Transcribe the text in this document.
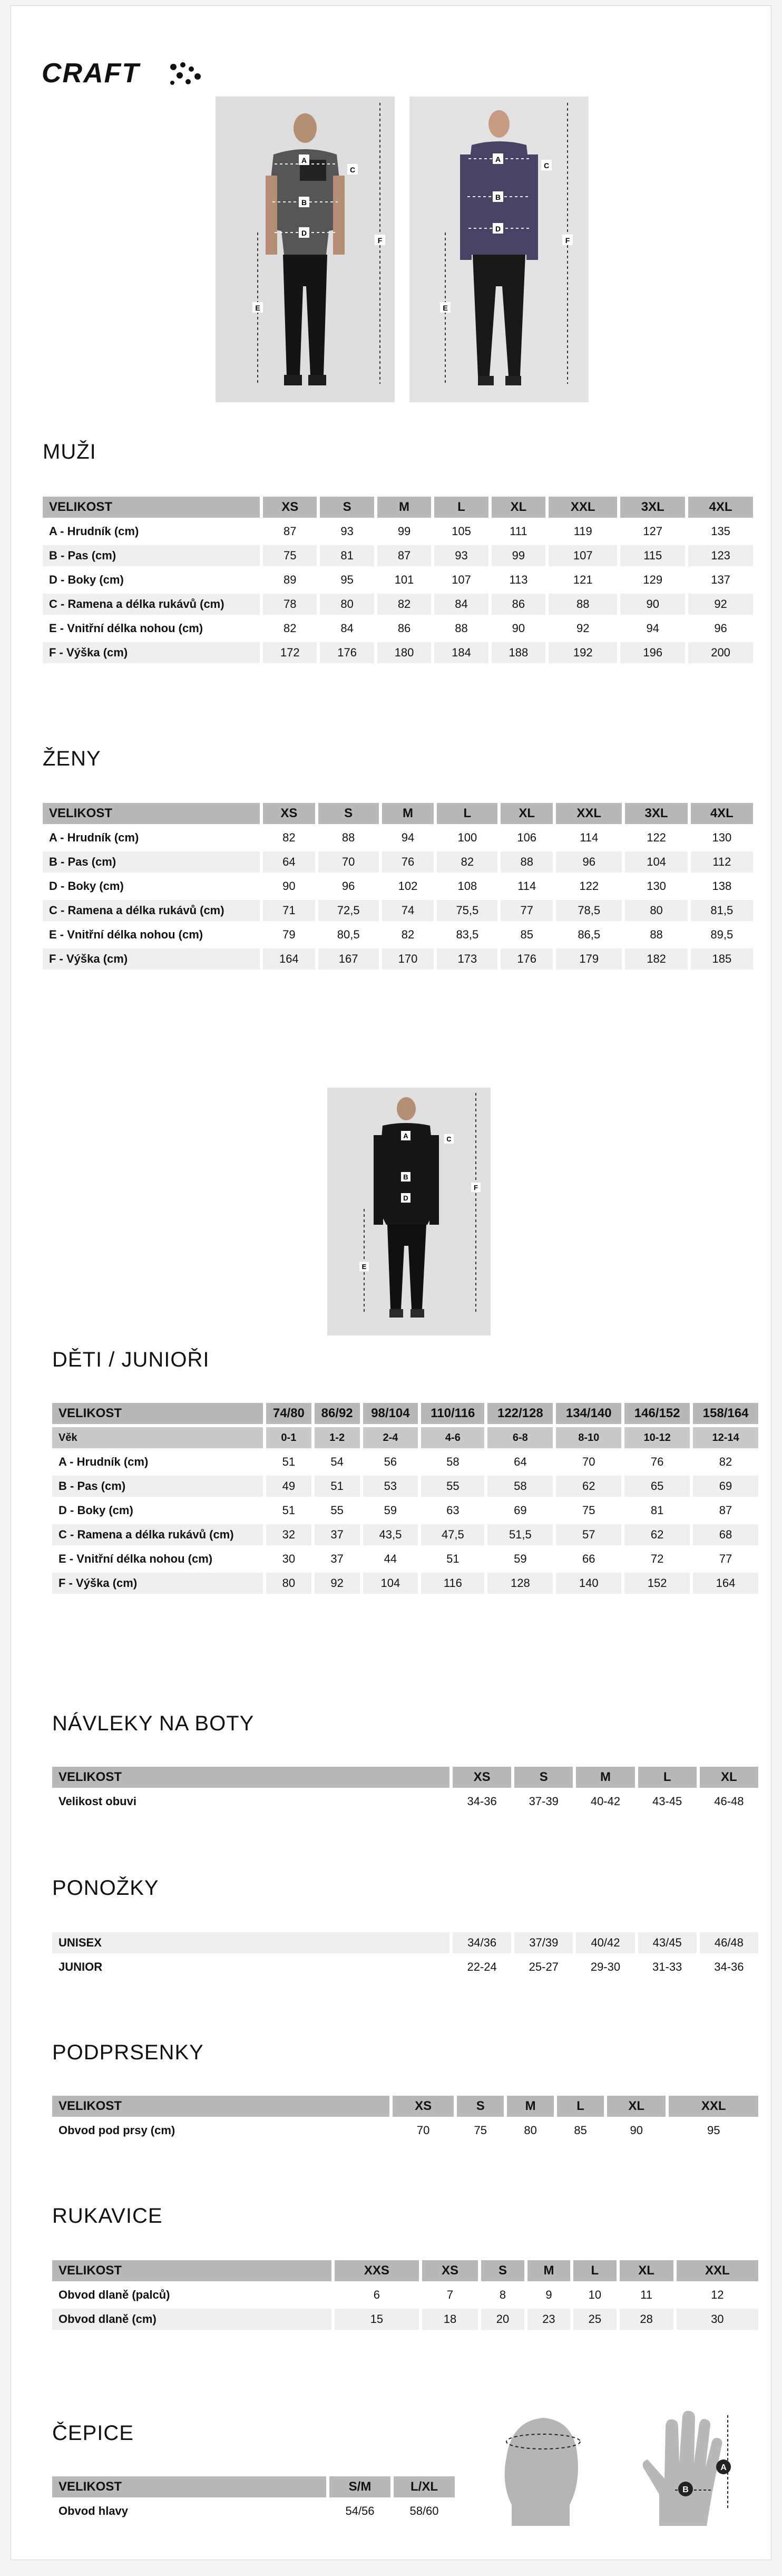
CRAFT
A
B
C
D
E
F
A
B
C
D
E
F
MUŽI
VELIKOST	XS	S	M	L	XL	XXL	3XL	4XL
A - Hrudník (cm)	87	93	99	105	111	119	127	135
B - Pas (cm)	75	81	87	93	99	107	115	123
D - Boky (cm)	89	95	101	107	113	121	129	137
C - Ramena a délka rukávů (cm)	78	80	82	84	86	88	90	92
E - Vnitřní délka nohou (cm)	82	84	86	88	90	92	94	96
F - Výška (cm)	172	176	180	184	188	192	196	200
ŽENY
VELIKOST	XS	S	M	L	XL	XXL	3XL	4XL
A - Hrudník (cm)	82	88	94	100	106	114	122	130
B - Pas (cm)	64	70	76	82	88	96	104	112
D - Boky (cm)	90	96	102	108	114	122	130	138
C - Ramena a délka rukávů (cm)	71	72,5	74	75,5	77	78,5	80	81,5
E - Vnitřní délka nohou (cm)	79	80,5	82	83,5	85	86,5	88	89,5
F - Výška (cm)	164	167	170	173	176	179	182	185
A
B
C
D
E
F
DĚTI / JUNIOŘI
VELIKOST	74/80	86/92	98/104	110/116	122/128	134/140	146/152	158/164
Věk	0-1	1-2	2-4	4-6	6-8	8-10	10-12	12-14
A - Hrudník (cm)	51	54	56	58	64	70	76	82
B - Pas (cm)	49	51	53	55	58	62	65	69
D - Boky (cm)	51	55	59	63	69	75	81	87
C - Ramena a délka rukávů (cm)	32	37	43,5	47,5	51,5	57	62	68
E - Vnitřní délka nohou (cm)	30	37	44	51	59	66	72	77
F - Výška (cm)	80	92	104	116	128	140	152	164
NÁVLEKY NA BOTY
VELIKOST	XS	S	M	L	XL
Velikost obuvi	34-36	37-39	40-42	43-45	46-48
PONOŽKY
UNISEX	34/36	37/39	40/42	43/45	46/48
JUNIOR	22-24	25-27	29-30	31-33	34-36
PODPRSENKY
VELIKOST	XS	S	M	L	XL	XXL
Obvod pod prsy (cm)	70	75	80	85	90	95
RUKAVICE
VELIKOST	XXS	XS	S	M	L	XL	XXL
Obvod dlaně (palců)	6	7	8	9	10	11	12
Obvod dlaně (cm)	15	18	20	23	25	28	30
ČEPICE
VELIKOST	S/M	L/XL
Obvod hlavy	54/56	58/60
A
B
